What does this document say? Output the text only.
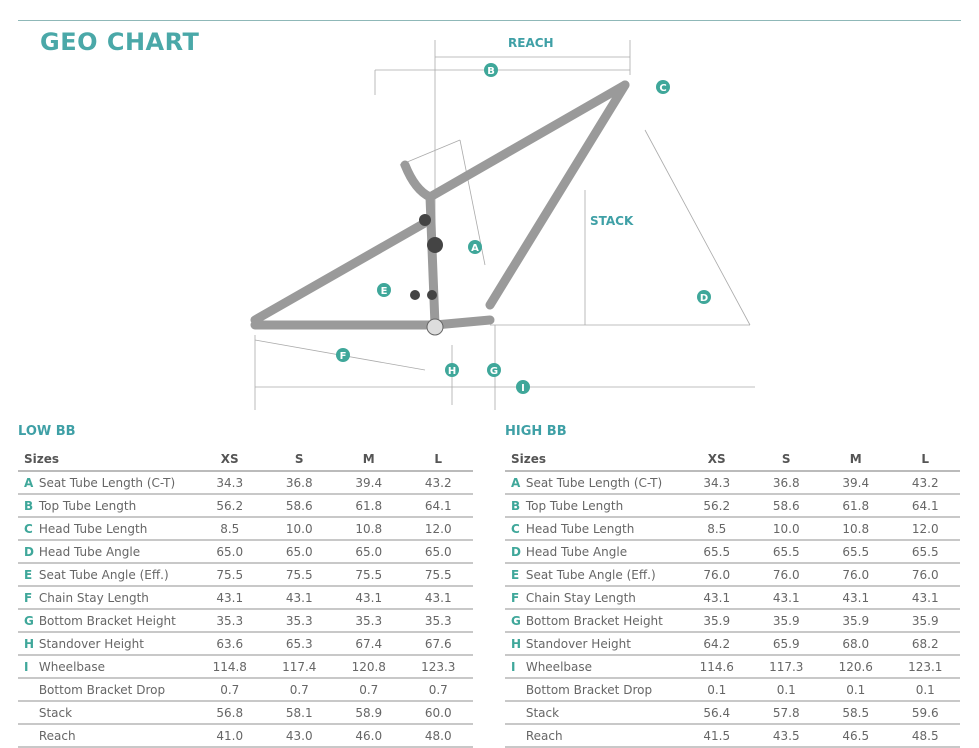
GEO CHART	REACH
STACK
A
B
C
D
E
F
G
H
I
LOW BB
Sizes	XS	S	M	L
A Seat Tube Length (C-T)	34.3	36.8	39.4	43.2
B Top Tube Length	56.2	58.6	61.8	64.1
C Head Tube Length	8.5	10.0	10.8	12.0
D Head Tube Angle	65.0	65.0	65.0	65.0
E Seat Tube Angle (Eff.)	75.5	75.5	75.5	75.5
F Chain Stay Length	43.1	43.1	43.1	43.1
G Bottom Bracket Height	35.3	35.3	35.3	35.3
H Standover Height	63.6	65.3	67.4	67.6
I Wheelbase	114.8	117.4	120.8	123.3
Bottom Bracket Drop	0.7	0.7	0.7	0.7
Stack	56.8	58.1	58.9	60.0
Reach	41.0	43.0	46.0	48.0
HIGH BB
Sizes	XS	S	M	L
A Seat Tube Length (C-T)	34.3	36.8	39.4	43.2
B Top Tube Length	56.2	58.6	61.8	64.1
C Head Tube Length	8.5	10.0	10.8	12.0
D Head Tube Angle	65.5	65.5	65.5	65.5
E Seat Tube Angle (Eff.)	76.0	76.0	76.0	76.0
F Chain Stay Length	43.1	43.1	43.1	43.1
G Bottom Bracket Height	35.9	35.9	35.9	35.9
H Standover Height	64.2	65.9	68.0	68.2
I Wheelbase	114.6	117.3	120.6	123.1
Bottom Bracket Drop	0.1	0.1	0.1	0.1
Stack	56.4	57.8	58.5	59.6
Reach	41.5	43.5	46.5	48.5
